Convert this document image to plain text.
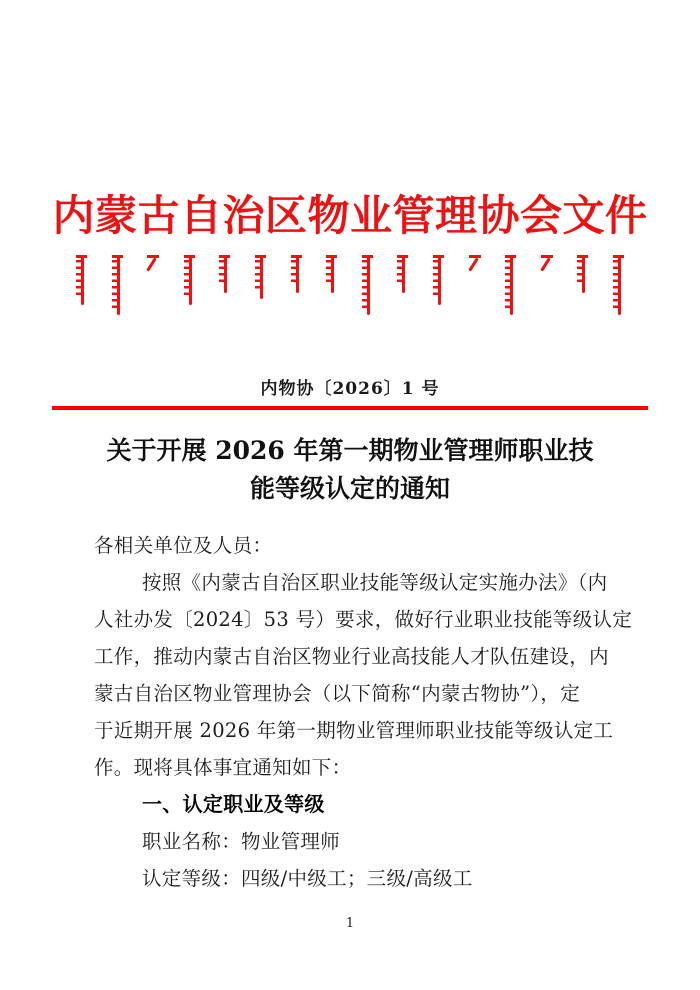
内蒙古自治区物业管理协会文件
内物协〔2026〕1 号
关于开展 2026 年第一期物业管理师职业技
能等级认定的通知
各相关单位及人员：
按照《内蒙古自治区职业技能等级认定实施办法》（内
人社办发〔2024〕53 号）要求，做好行业职业技能等级认定
工作，推动内蒙古自治区物业行业高技能人才队伍建设，内
蒙古自治区物业管理协会（以下简称“内蒙古物协”），定
于近期开展 2026 年第一期物业管理师职业技能等级认定工
作。现将具体事宜通知如下：
一、认定职业及等级
职业名称：物业管理师
认定等级：四级/中级工；三级/高级工
1
